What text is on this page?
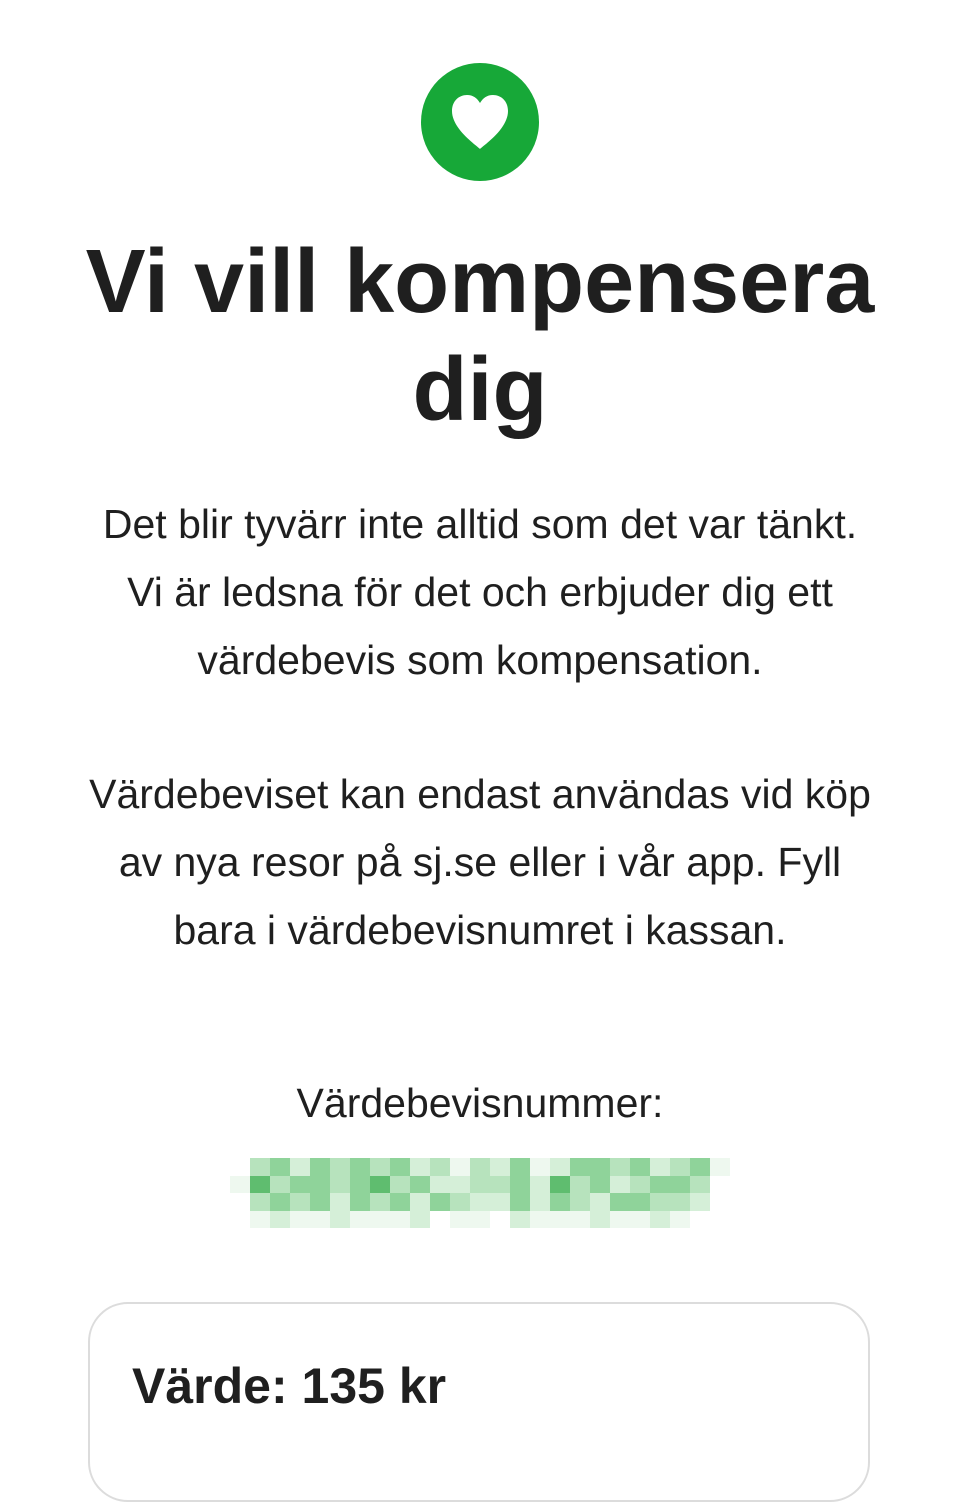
Vi vill kompensera dig

Det blir tyvärr inte alltid som det var tänkt. Vi är ledsna för det och erbjuder dig ett värdebevis som kompensation.

Värdebeviset kan endast användas vid köp av nya resor på sj.se eller i vår app. Fyll bara i värdebevisnumret i kassan.

Värdebevisnummer:

Värde: 135 kr
